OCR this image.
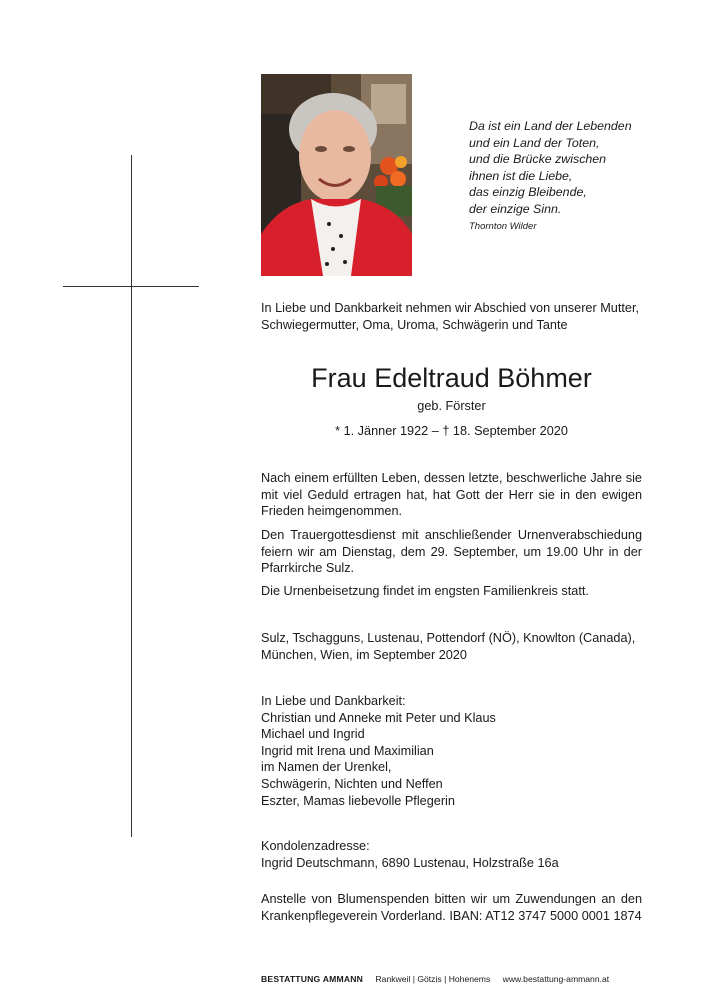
Da ist ein Land der Lebenden
und ein Land der Toten,
und die Brücke zwischen
ihnen ist die Liebe,
das einzig Bleibende,
der einzige Sinn.
Thornton Wilder
In Liebe und Dankbarkeit nehmen wir Abschied von unserer Mutter,
Schwiegermutter, Oma, Uroma, Schwägerin und Tante
Frau Edeltraud Böhmer
geb. Förster
* 1. Jänner 1922 – † 18. September 2020
Nach einem erfüllten Leben, dessen letzte, beschwerliche Jahre sie mit viel Geduld ertragen hat, hat Gott der Herr sie in den ewigen Frieden heimgenommen.
Den Trauergottesdienst mit anschließender Urnenverabschiedung feiern wir am Dienstag, dem 29. September, um 19.00 Uhr in der Pfarrkirche Sulz.
Die Urnenbeisetzung findet im engsten Familienkreis statt.
Sulz, Tschagguns, Lustenau, Pottendorf (NÖ), Knowlton (Canada),
München, Wien, im September 2020
In Liebe und Dankbarkeit:
Christian und Anneke mit Peter und Klaus
Michael und Ingrid
Ingrid mit Irena und Maximilian
im Namen der Urenkel,
Schwägerin, Nichten und Neffen
Eszter, Mamas liebevolle Pflegerin
Kondolenzadresse:
Ingrid Deutschmann, 6890 Lustenau, Holzstraße 16a
Anstelle von Blumenspenden bitten wir um Zuwendungen an den Krankenpflegeverein Vorderland. IBAN: AT12 3747 5000 0001 1874
BESTATTUNG AMMANN Rankweil | Götzis | Hohenems www.bestattung-ammann.at
